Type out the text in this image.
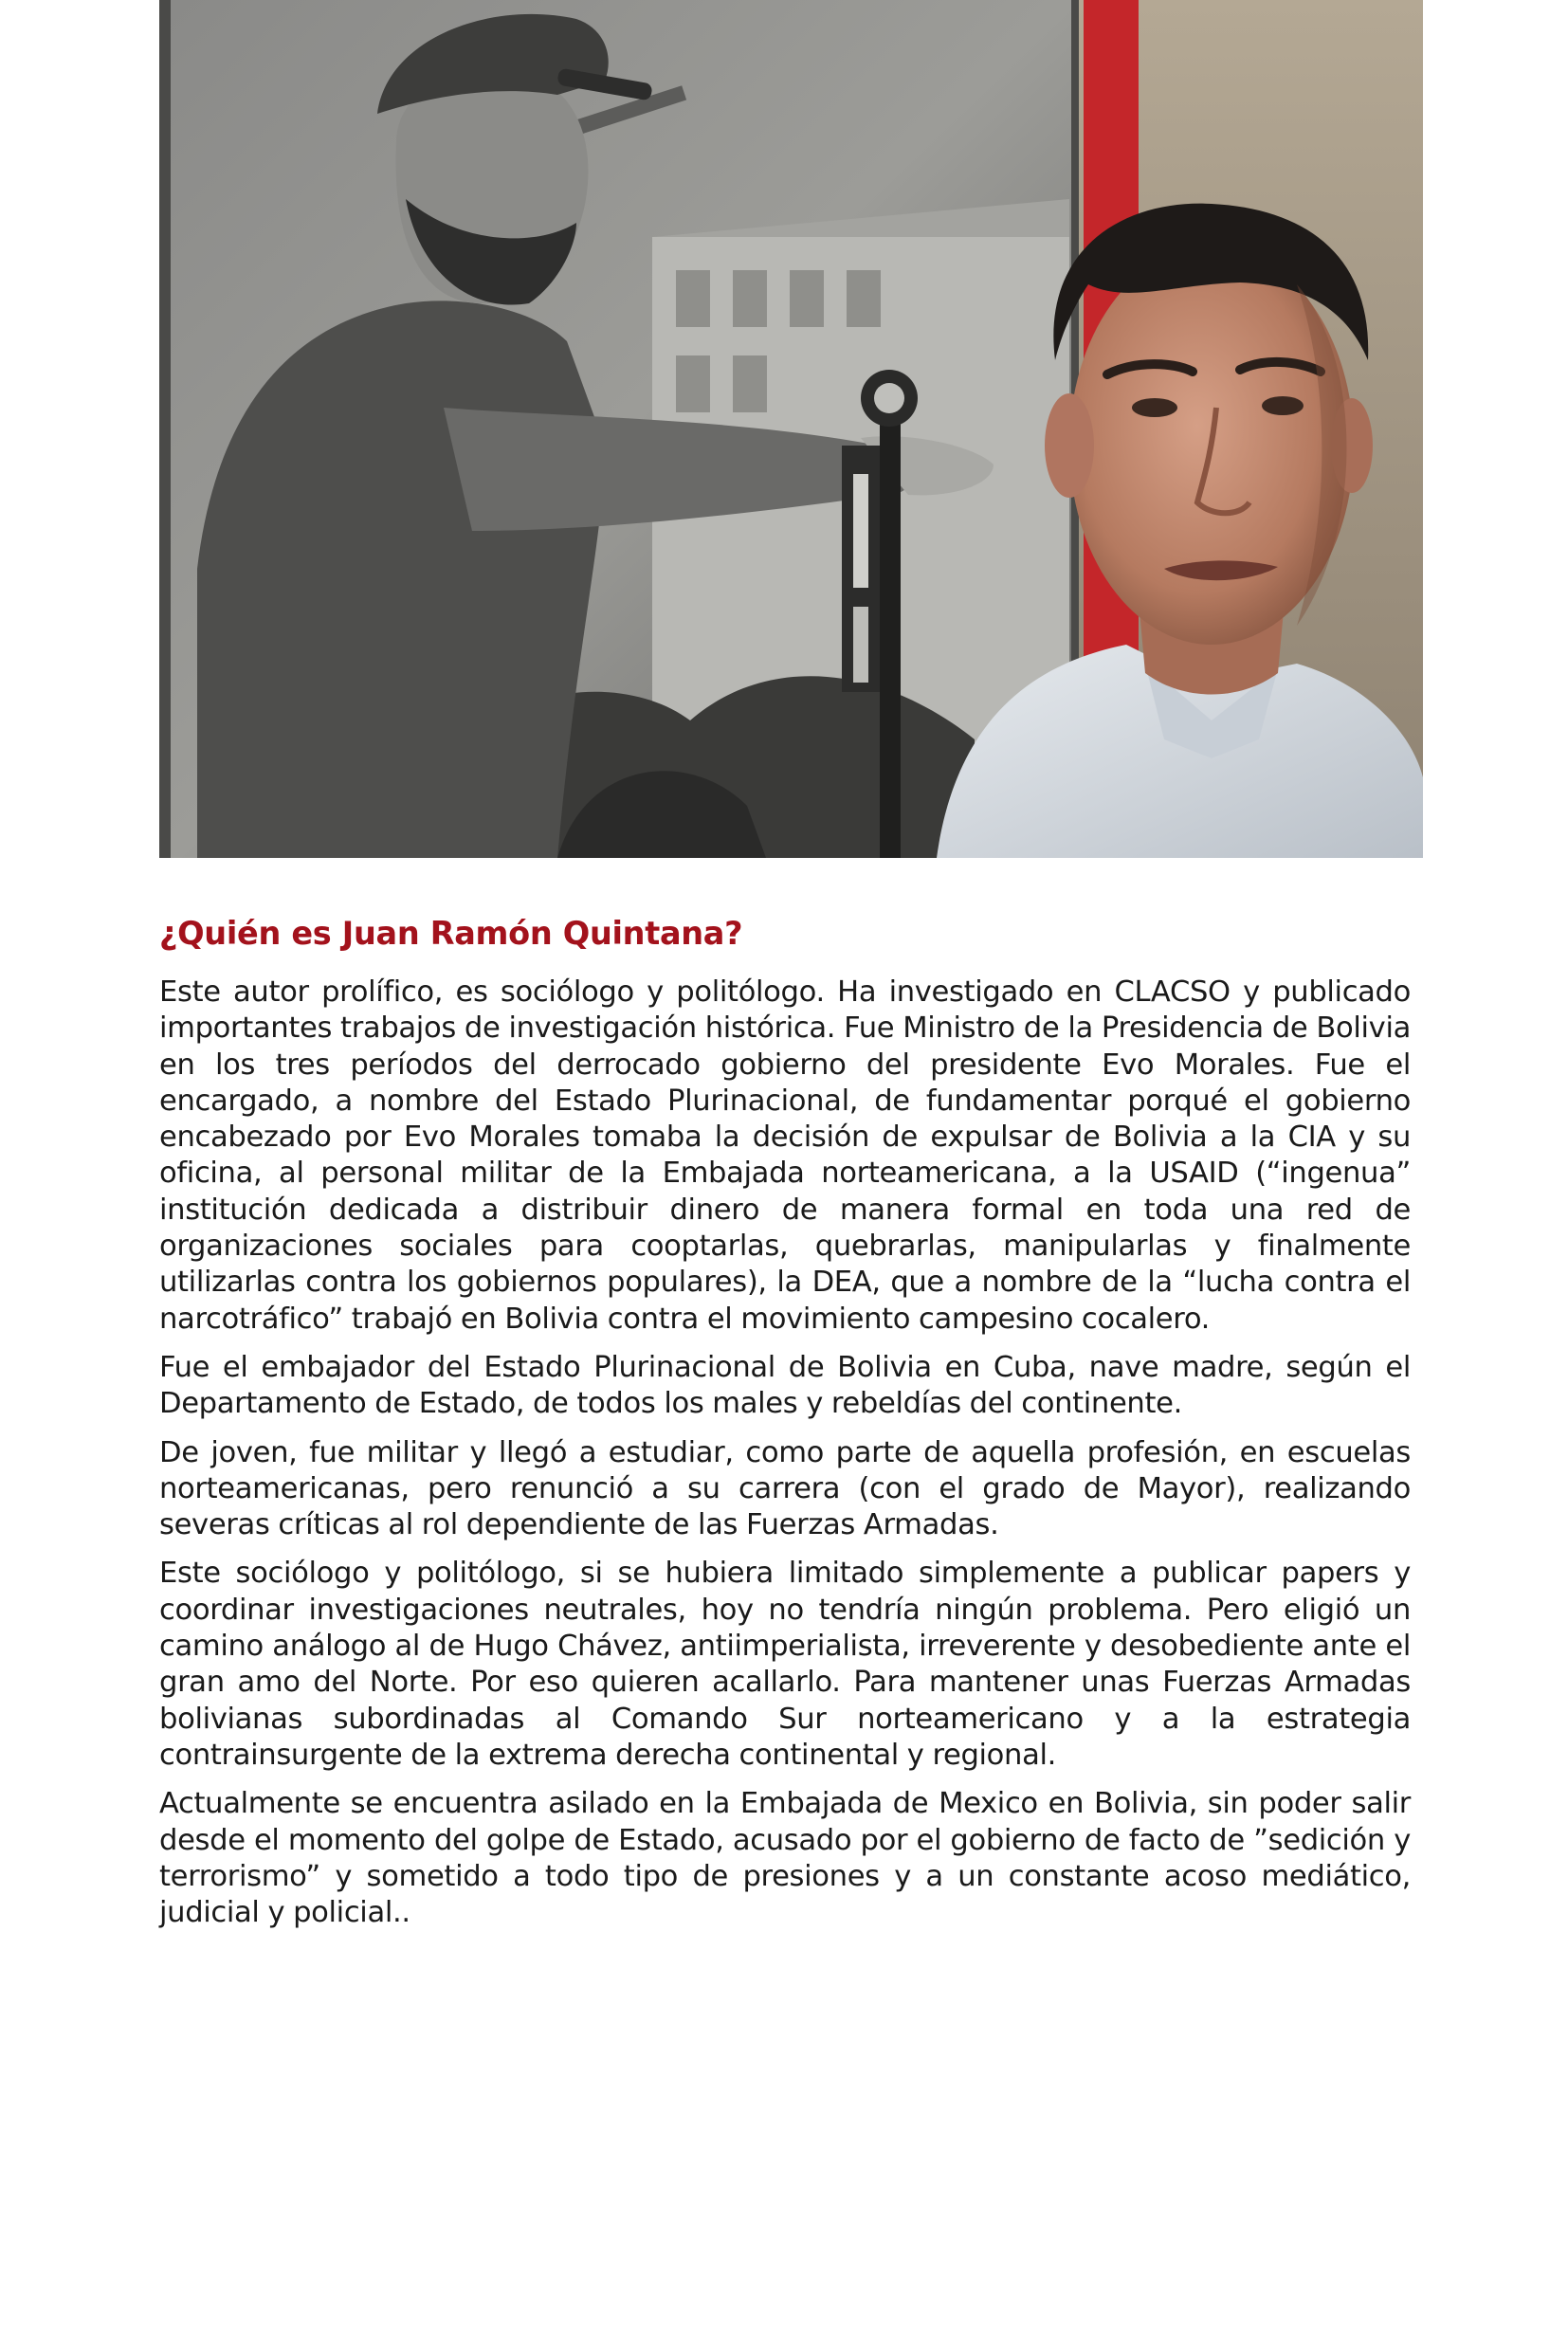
¿Quién es Juan Ramón Quintana?

Este autor prolífico, es sociólogo y politólogo. Ha investigado en CLACSO y publicado importantes trabajos de investigación histórica. Fue Ministro de la Presidencia de Bolivia en los tres períodos del derrocado gobierno del presidente Evo Morales. Fue el encargado, a nombre del Estado Plurinacional, de fundamentar porqué el gobierno encabezado por Evo Morales tomaba la decisión de expulsar de Bolivia a la CIA y su oficina, al personal militar de la Embajada norteamericana, a la USAID (“ingenua” institución dedicada a distribuir dinero de manera formal en toda una red de organizaciones sociales para cooptarlas, quebrarlas, manipularlas y finalmente utilizarlas contra los gobiernos populares), la DEA, que a nombre de la “lucha contra el narcotráfico” trabajó en Bolivia contra el movimiento campesino cocalero.

Fue el embajador del Estado Plurinacional de Bolivia en Cuba, nave madre, según el Departamento de Estado, de todos los males y rebeldías del continente.

De joven, fue militar y llegó a estudiar, como parte de aquella profesión, en escuelas norteamericanas, pero renunció a su carrera (con el grado de Mayor), realizando severas críticas al rol dependiente de las Fuerzas Armadas.

Este sociólogo y politólogo, si se hubiera limitado simplemente a publicar papers y coordinar investigaciones neutrales, hoy no tendría ningún problema. Pero eligió un camino análogo al de Hugo Chávez, antiimperialista, irreverente y desobediente ante el gran amo del Norte. Por eso quieren acallarlo. Para mantener unas Fuerzas Armadas bolivianas subordinadas al Comando Sur norteamericano y a la estrategia contrainsurgente de la extrema derecha continental y regional.

Actualmente se encuentra asilado en la Embajada de Mexico en Bolivia, sin poder salir desde el momento del golpe de Estado, acusado por el gobierno de facto de ”sedición y terrorismo” y sometido a todo tipo de presiones y a un constante acoso mediático, judicial y policial..
